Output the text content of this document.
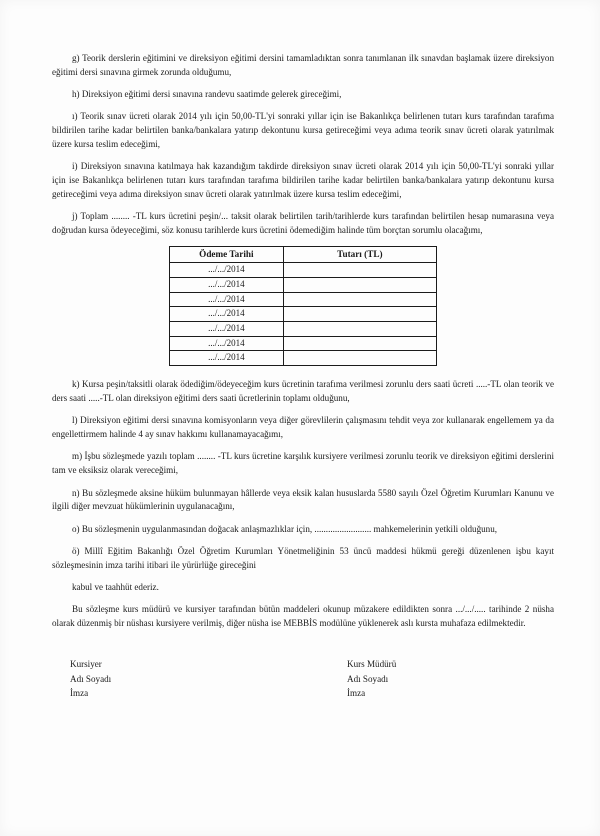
g) Teorik derslerin eğitimini ve direksiyon eğitimi dersini tamamladıktan sonra tanımlanan ilk sınavdan başlamak üzere direksiyon eğitimi dersi sınavına girmek zorunda olduğumu,

h) Direksiyon eğitimi dersi sınavına randevu saatimde gelerek gireceğimi,

ı) Teorik sınav ücreti olarak 2014 yılı için 50,00-TL'yi sonraki yıllar için ise Bakanlıkça belirlenen tutarı kurs tarafından tarafıma bildirilen tarihe kadar belirtilen banka/bankalara yatırıp dekontunu kursa getireceğimi veya adıma teorik sınav ücreti olarak yatırılmak üzere kursa teslim edeceğimi,

i) Direksiyon sınavına katılmaya hak kazandığım takdirde direksiyon sınav ücreti olarak 2014 yılı için 50,00-TL'yi sonraki yıllar için ise Bakanlıkça belirlenen tutarı kurs tarafından tarafıma bildirilen tarihe kadar belirtilen banka/bankalara yatırıp dekontunu kursa getireceğimi veya adıma direksiyon sınav ücreti olarak yatırılmak üzere kursa teslim edeceğimi,

j) Toplam ........ -TL kurs ücretini peşin/... taksit olarak belirtilen tarih/tarihlerde kurs tarafından belirtilen hesap numarasına veya doğrudan kursa ödeyeceğimi, söz konusu tarihlerde kurs ücretini ödemediğim halinde tüm borçtan sorumlu olacağımı,

Ödeme Tarihi	Tutarı (TL)
.../.../2014	
.../.../2014	
.../.../2014	
.../.../2014	
.../.../2014	
.../.../2014	
.../.../2014	

k) Kursa peşin/taksitli olarak ödediğim/ödeyeceğim kurs ücretinin tarafıma verilmesi zorunlu ders saati ücreti .....-TL olan teorik ve ders saati .....-TL olan direksiyon eğitimi ders saati ücretlerinin toplamı olduğunu,

l) Direksiyon eğitimi dersi sınavına komisyonların veya diğer görevlilerin çalışmasını tehdit veya zor kullanarak engellemem ya da engellettirmem halinde 4 ay sınav hakkımı kullanamayacağımı,

m) İşbu sözleşmede yazılı toplam ........ -TL kurs ücretine karşılık kursiyere verilmesi zorunlu teorik ve direksiyon eğitimi derslerini tam ve eksiksiz olarak vereceğimi,

n) Bu sözleşmede aksine hüküm bulunmayan hâllerde veya eksik kalan hususlarda 5580 sayılı Özel Öğretim Kurumları Kanunu ve ilgili diğer mevzuat hükümlerinin uygulanacağını,

o) Bu sözleşmenin uygulanmasından doğacak anlaşmazlıklar için, ......................... mahkemelerinin yetkili olduğunu,

ö) Millî Eğitim Bakanlığı Özel Öğretim Kurumları Yönetmeliğinin 53 üncü maddesi hükmü gereği düzenlenen işbu kayıt sözleşmesinin imza tarihi itibari ile yürürlüğe gireceğini

kabul ve taahhüt ederiz.

Bu sözleşme kurs müdürü ve kursiyer tarafından bütün maddeleri okunup müzakere edildikten sonra .../.../..... tarihinde 2 nüsha olarak düzenmiş bir nüshası kursiyere verilmiş, diğer nüsha ise MEBBİS modülüne yüklenerek aslı kursta muhafaza edilmektedir.

Kursiyer
Adı Soyadı
İmza
Kurs Müdürü
Adı Soyadı
İmza
